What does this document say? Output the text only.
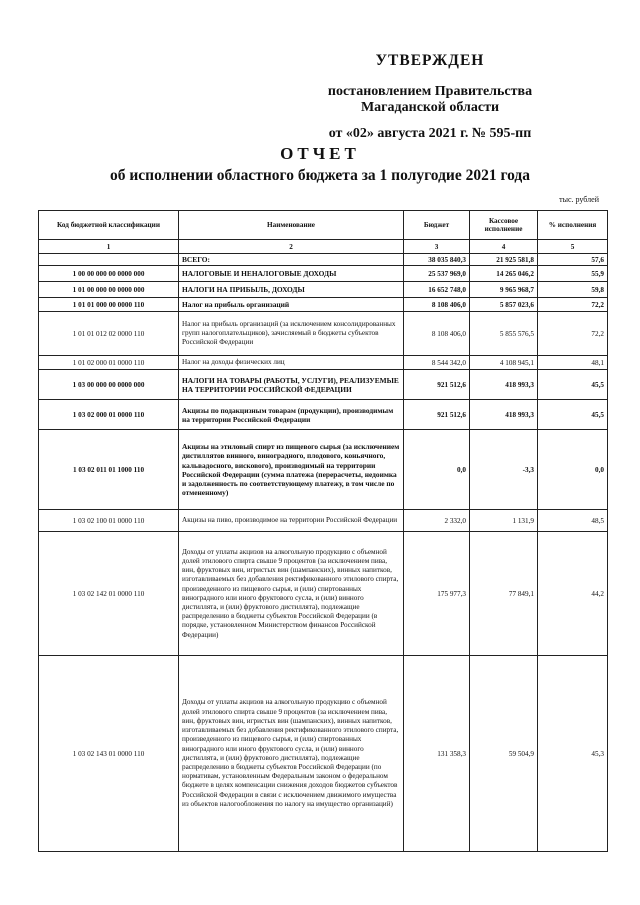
УТВЕРЖДЕН
постановлением Правительства
Магаданской области
от «02» августа 2021 г. № 595-пп
ОТЧЕТ
об исполнении областного бюджета за 1 полугодие 2021 года
тыс. рублей
Код бюджетной классификации	Наименование	Бюджет	Кассовое исполнение	% исполнения
1	2	3	4	5
	ВСЕГО:	38 035 840,3	21 925 581,8	57,6
1 00 00 000 00 0000 000	НАЛОГОВЫЕ И НЕНАЛОГОВЫЕ ДОХОДЫ	25 537 969,0	14 265 046,2	55,9
1 01 00 000 00 0000 000	НАЛОГИ НА ПРИБЫЛЬ, ДОХОДЫ	16 652 748,0	9 965 968,7	59,8
1 01 01 000 00 0000 110	Налог на прибыль организаций	8 108 406,0	5 857 023,6	72,2
1 01 01 012 02 0000 110	Налог на прибыль организаций (за исключением консолидированных групп налогоплательщиков), зачисляемый в бюджеты субъектов Российской Федерации	8 108 406,0	5 855 576,5	72,2
1 01 02 000 01 0000 110	Налог на доходы физических лиц	8 544 342,0	4 108 945,1	48,1
1 03 00 000 00 0000 000	НАЛОГИ НА ТОВАРЫ (РАБОТЫ, УСЛУГИ), РЕАЛИЗУЕМЫЕ НА ТЕРРИТОРИИ РОССИЙСКОЙ ФЕДЕРАЦИИ	921 512,6	418 993,3	45,5
1 03 02 000 01 0000 110	Акцизы по подакцизным товарам (продукции), производимым на территории Российской Федерации	921 512,6	418 993,3	45,5
1 03 02 011 01 1000 110	Акцизы на этиловый спирт из пищевого сырья (за исключением дистиллятов винного, виноградного, плодового, коньячного, кальвадосного, вискового), производимый на территории Российской Федерации (сумма платежа (перерасчеты, недоимка и задолженность по соответствующему платежу, в том числе по отмененному)	0,0	-3,3	0,0
1 03 02 100 01 0000 110	Акцизы на пиво, производимое на территории Российской Федерации	2 332,0	1 131,9	48,5
1 03 02 142 01 0000 110	Доходы от уплаты акцизов на алкогольную продукцию с объемной долей этилового спирта свыше 9 процентов (за исключением пива, вин, фруктовых вин, игристых вин (шампанских), винных напитков, изготавливаемых без добавления ректификованного этилового спирта, произведенного из пищевого сырья, и (или) спиртованных виноградного или иного фруктового сусла, и (или) винного дистиллята, и (или) фруктового дистиллята), подлежащие распределению в бюджеты субъектов Российской Федерации (в порядке, установленном Министерством финансов Российской Федерации)	175 977,3	77 849,1	44,2
1 03 02 143 01 0000 110	Доходы от уплаты акцизов на алкогольную продукцию с объемной долей этилового спирта свыше 9 процентов (за исключением пива, вин, фруктовых вин, игристых вин (шампанских), винных напитков, изготавливаемых без добавления ректификованного этилового спирта, произведенного из пищевого сырья, и (или) спиртованных виноградного или иного фруктового сусла, и (или) винного дистиллята, и (или) фруктового дистиллята), подлежащие распределению в бюджеты субъектов Российской Федерации (по нормативам, установленным Федеральным законом о федеральном бюджете в целях компенсации снижения доходов бюджетов субъектов Российской Федерации в связи с исключением движимого имущества из объектов налогообложения по налогу на имущество организаций)	131 358,3	59 504,9	45,3
